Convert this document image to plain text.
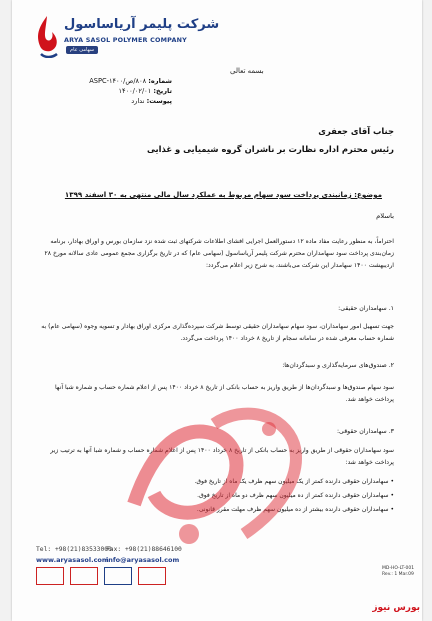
شرکت پلیمر آریاساسول
ARYA SASOL POLYMER COMPANY
سهامی عام
بسمه تعالی
شماره: ۸۰۸/ص/۱۴۰۰-ASPC
تاریخ: ۱۴۰۰/۰۲/۰۱
پیوست: ندارد
جناب آقای جعفری
رئیس محترم اداره نظارت بر ناشران گروه شیمیایی و غذایی
موضوع: زمانبندی پرداخت سود سهام مربوط به عملکرد سال مالی منتهی به ۳۰ اسفند ۱۳۹۹
باسلام
احتراماً، به منظور رعایت مفاد ماده ۱۲ دستورالعمل اجرایی افشای اطلاعات شرکتهای ثبت شده نزد سازمان بورس و اوراق بهادار، برنامه زمان‌بندی پرداخت سود سهامداران محترم شرکت پلیمر آریاساسول (سهامی عام) که در تاریخ برگزاری مجمع عمومی عادی سالانه مورخ ۲۸ اردیبهشت ۱۴۰۰ سهامدار این شرکت می‌باشند، به شرح زیر اعلام می‌گردد:
۱. سهامداران حقیقی:
جهت تسهیل امور سهامداران، سود سهام سهامداران حقیقی توسط شرکت سپرده‌گذاری مرکزی اوراق بهادار و تسویه وجوه (سهامی عام) به شماره حساب معرفی شده در سامانه سجام از تاریخ ۸ خرداد ۱۴۰۰ پرداخت می‌گردد.
۲. صندوق‌های سرمایه‌گذاری و سبدگردان‌ها:
سود سهام صندوق‌ها و سبدگردان‌ها از طریق واریز به حساب بانکی از تاریخ ۸ خرداد ۱۴۰۰ پس از اعلام شماره حساب و شماره شبا آنها پرداخت خواهد شد.
۳. سهامداران حقوقی:
سود سهامداران حقوقی از طریق واریز به حساب بانکی از تاریخ ۸ خرداد ۱۴۰۰ پس از اعلام شماره حساب و شماره شبا آنها به ترتیب زیر پرداخت خواهد شد:
• سهامداران حقوقی دارنده کمتر از یک میلیون سهم ظرف یک ماه از تاریخ فوق.
• سهامداران حقوقی دارنده کمتر از ده میلیون سهم ظرف دو ماه از تاریخ فوق.
• سهامداران حقوقی دارنده بیشتر از ده میلیون سهم ظرف مهلت مقرر قانونی.
Tel: +98(21)83533000
www.aryasasol.com
Fax: +98(21)88646100
info@aryasasol.com
MD-HO-LT-001
Rev.: 1 Mar.09
بورس نیوز
